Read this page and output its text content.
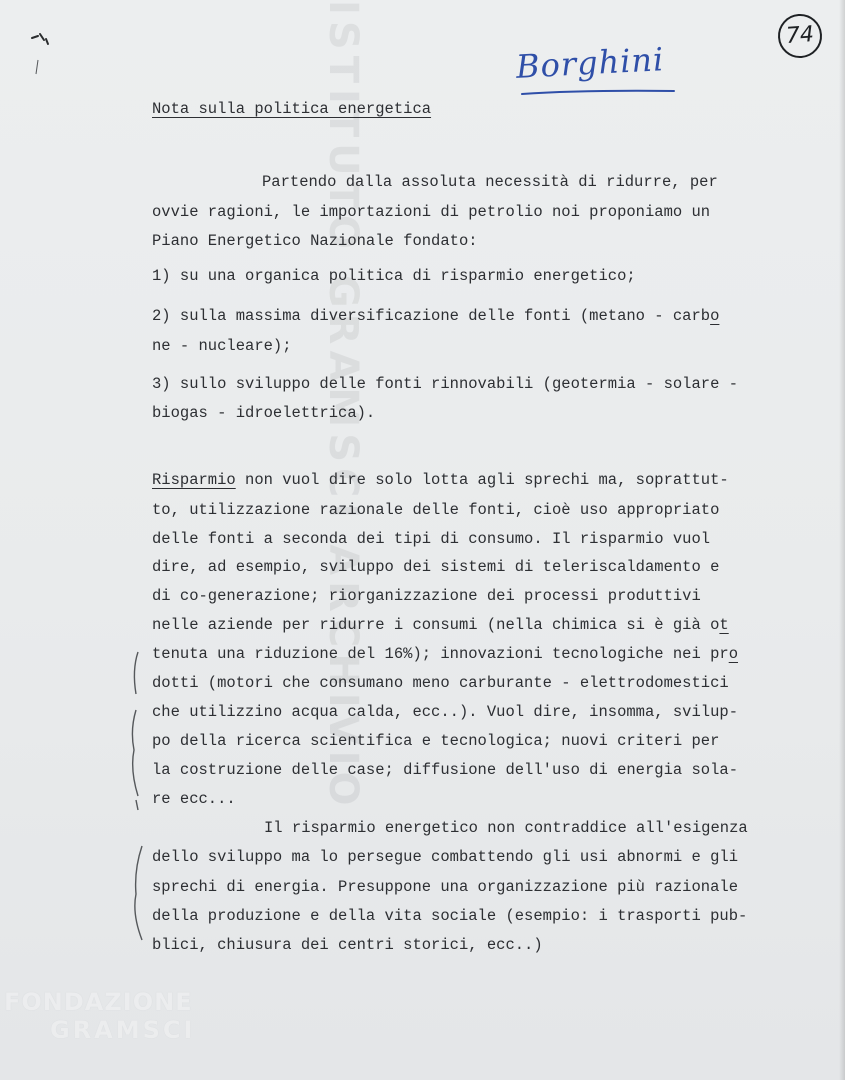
ISTITUTO GRAMSCI ARCHIVIO	74
Borghini
Nota sulla politica energetica
Partendo dalla assoluta necessità di ridurre, per
ovvie ragioni, le importazioni di petrolio noi proponiamo un
Piano Energetico Nazionale fondato:
1) su una organica politica di risparmio energetico;
2) sulla massima diversificazione delle fonti (metano - carbo
ne - nucleare);
3) sullo sviluppo delle fonti rinnovabili (geotermia - solare -
biogas - idroelettrica).
Risparmio non vuol dire solo lotta agli sprechi ma, soprattut-
to, utilizzazione razionale delle fonti, cioè uso appropriato
delle fonti a seconda dei tipi di consumo. Il risparmio vuol
dire, ad esempio, sviluppo dei sistemi di teleriscaldamento e
di co-generazione; riorganizzazione dei processi produttivi
nelle aziende per ridurre i consumi (nella chimica si è già ot
tenuta una riduzione del 16%); innovazioni tecnologiche nei pro
dotti (motori che consumano meno carburante - elettrodomestici
che utilizzino acqua calda, ecc..). Vuol dire, insomma, svilup-
po della ricerca scientifica e tecnologica; nuovi criteri per
la costruzione delle case; diffusione dell'uso di energia sola-
re ecc...
Il risparmio energetico non contraddice all'esigenza
dello sviluppo ma lo persegue combattendo gli usi abnormi e gli
sprechi di energia. Presuppone una organizzazione più razionale
della produzione e della vita sociale (esempio: i trasporti pub-
blici, chiusura dei centri storici, ecc..)
FONDAZIONE
GRAMSCI
